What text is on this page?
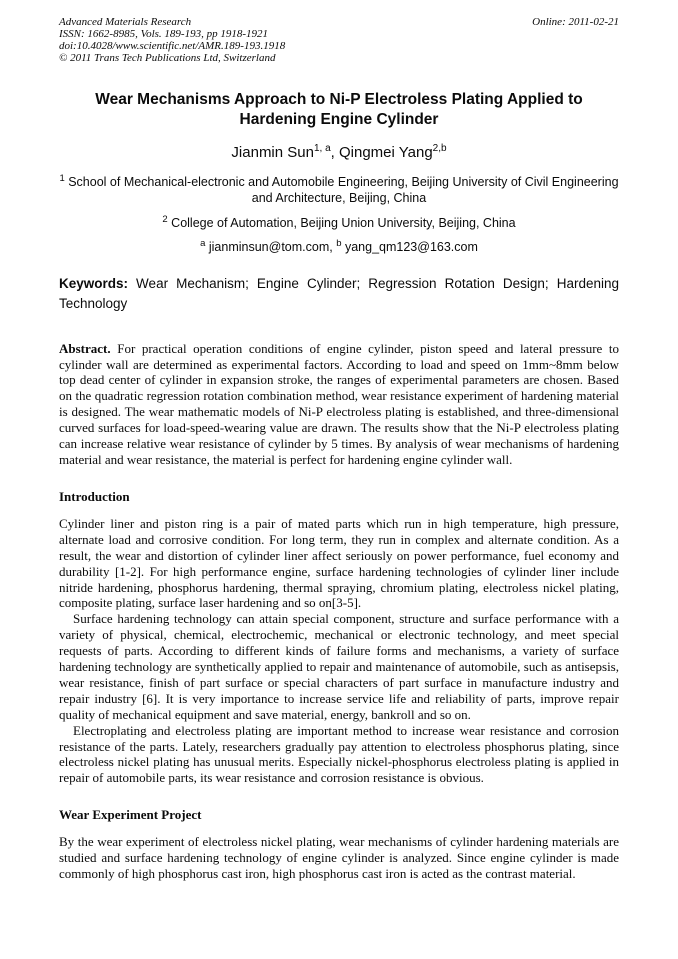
Advanced Materials Research
ISSN: 1662-8985, Vols. 189-193, pp 1918-1921
doi:10.4028/www.scientific.net/AMR.189-193.1918
© 2011 Trans Tech Publications Ltd, Switzerland
Online: 2011-02-21
Wear Mechanisms Approach to Ni-P Electroless Plating Applied to Hardening Engine Cylinder
Jianmin Sun$^{1, a}$, Qingmei Yang$^{2,b}$
$^1$ School of Mechanical-electronic and Automobile Engineering, Beijing University of Civil Engineering and Architecture, Beijing, China
$^2$ College of Automation, Beijing Union University, Beijing, China
$^a$ jianminsun@tom.com, $^b$ yang_qm123@163.com

Keywords: Wear Mechanism; Engine Cylinder; Regression Rotation Design; Hardening Technology

Abstract. For practical operation conditions of engine cylinder, piston speed and lateral pressure to cylinder wall are determined as experimental factors. According to load and speed on 1mm~8mm below top dead center of cylinder in expansion stroke, the ranges of experimental parameters are chosen. Based on the quadratic regression rotation combination method, wear resistance experiment of hardening material is designed. The wear mathematic models of Ni-P electroless plating is established, and three-dimensional curved surfaces for load-speed-wearing value are drawn. The results show that the Ni-P electroless plating can increase relative wear resistance of cylinder by 5 times. By analysis of wear mechanisms of hardening material and wear resistance, the material is perfect for hardening engine cylinder wall.

Introduction

Cylinder liner and piston ring is a pair of mated parts which run in high temperature, high pressure, alternate load and corrosive condition. For long term, they run in complex and alternate condition. As a result, the wear and distortion of cylinder liner affect seriously on power performance, fuel economy and durability [1-2]. For high performance engine, surface hardening technologies of cylinder liner include nitride hardening, phosphorus hardening, thermal spraying, chromium plating, electroless nickel plating, composite plating, surface laser hardening and so on[3-5].

Surface hardening technology can attain special component, structure and surface performance with a variety of physical, chemical, electrochemic, mechanical or electronic technology, and meet special requests of parts. According to different kinds of failure forms and mechanisms, a variety of surface hardening technology are synthetically applied to repair and maintenance of automobile, such as antisepsis, wear resistance, finish of part surface or special characters of part surface in manufacture industry and repair industry [6]. It is very importance to increase service life and reliability of parts, improve repair quality of mechanical equipment and save material, energy, bankroll and so on.

Electroplating and electroless plating are important method to increase wear resistance and corrosion resistance of the parts. Lately, researchers gradually pay attention to electroless phosphorus plating, since electroless nickel plating has unusual merits. Especially nickel-phosphorus electroless plating is applied in repair of automobile parts, its wear resistance and corrosion resistance is obvious.

Wear Experiment Project

By the wear experiment of electroless nickel plating, wear mechanisms of cylinder hardening materials are studied and surface hardening technology of engine cylinder is analyzed. Since engine cylinder is made commonly of high phosphorus cast iron, high phosphorus cast iron is acted as the contrast material.
